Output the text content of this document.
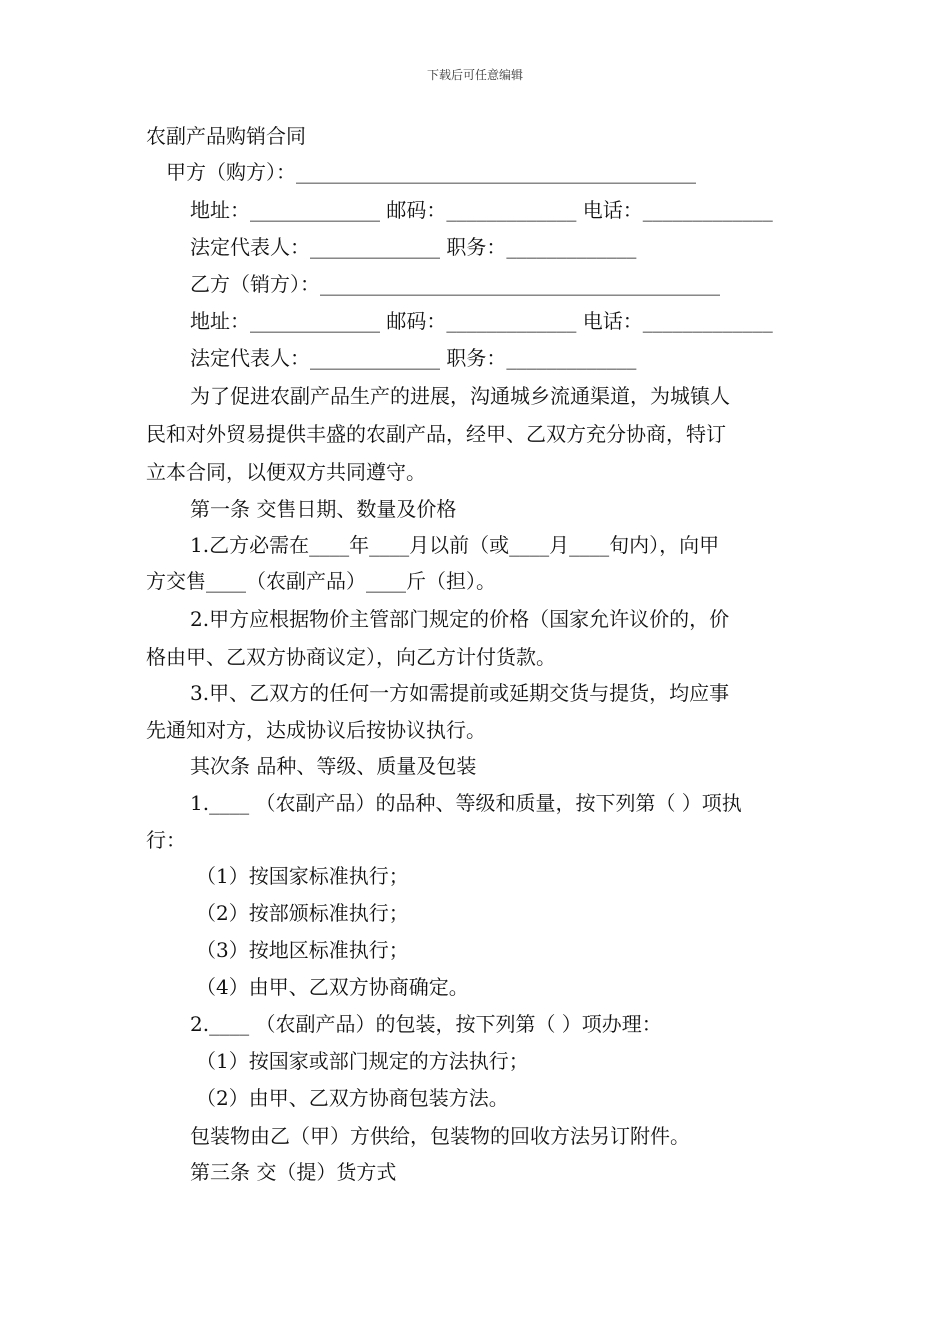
下载后可任意编辑
农副产品购销合同
甲方（购方）：________________________________________
地址：_____________ 邮码：_____________ 电话：_____________
法定代表人：_____________ 职务：_____________
乙方（销方）：________________________________________
地址：_____________ 邮码：_____________ 电话：_____________
法定代表人：_____________ 职务：_____________
为了促进农副产品生产的进展，沟通城乡流通渠道，为城镇人
民和对外贸易提供丰盛的农副产品，经甲、乙双方充分协商，特订
立本合同，以便双方共同遵守。
第一条 交售日期、数量及价格
1.乙方必需在____年____月以前（或____月____旬内），向甲
方交售____（农副产品）____斤（担）。
2.甲方应根据物价主管部门规定的价格（国家允许议价的，价
格由甲、乙双方协商议定），向乙方计付货款。
3.甲、乙双方的任何一方如需提前或延期交货与提货，均应事
先通知对方，达成协议后按协议执行。
其次条 品种、等级、质量及包装
1.____ （农副产品）的品种、等级和质量，按下列第（ ）项执
行：
（1）按国家标准执行；
（2）按部颁标准执行；
（3）按地区标准执行；
（4）由甲、乙双方协商确定。
2.____ （农副产品）的包装，按下列第（ ）项办理：
（1）按国家或部门规定的方法执行；
（2）由甲、乙双方协商包装方法。
包装物由乙（甲）方供给，包装物的回收方法另订附件。
第三条 交（提）货方式
